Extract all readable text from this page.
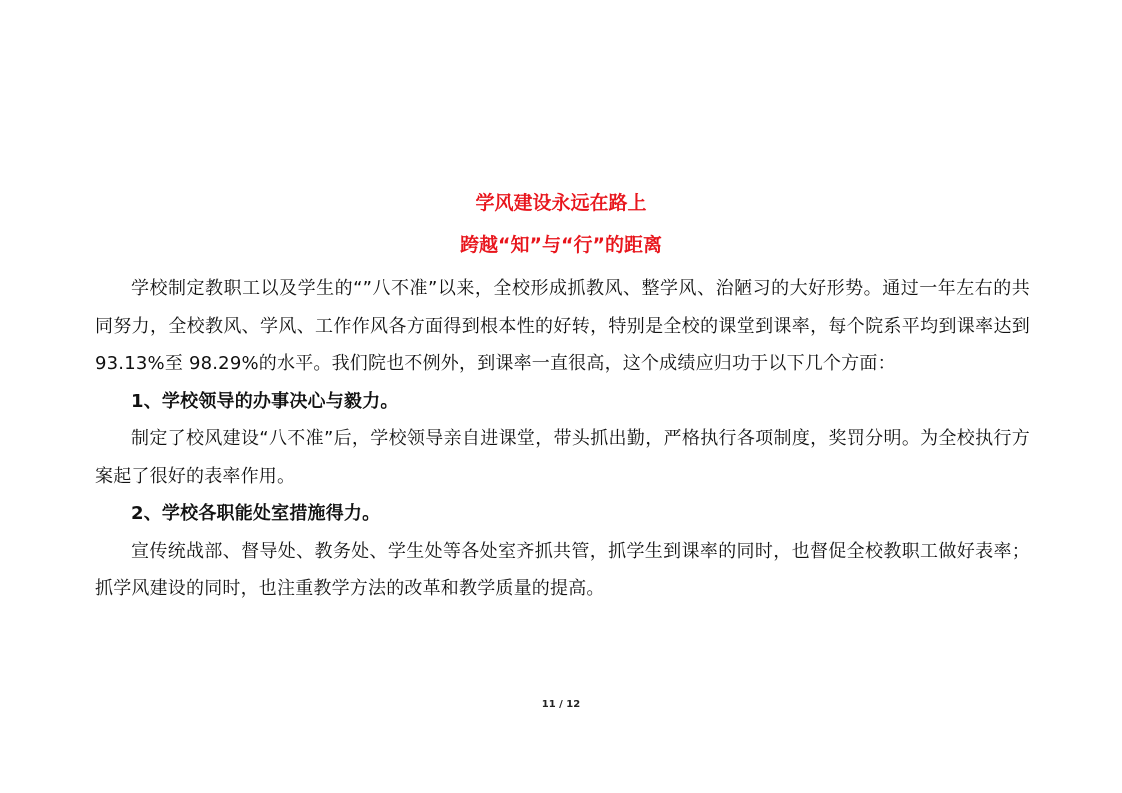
学风建设永远在路上
跨越“知”与“行”的距离

学校制定教职工以及学生的“”八不准”以来，全校形成抓教风、整学风、治陋习的大好形势。通过一年左右的共同努力，全校教风、学风、工作作风各方面得到根本性的好转，特别是全校的课堂到课率，每个院系平均到课率达到 93.13%至 98.29%的水平。我们院也不例外，到课率一直很高，这个成绩应归功于以下几个方面：

1、学校领导的办事决心与毅力。

制定了校风建设“八不准”后，学校领导亲自进课堂，带头抓出勤，严格执行各项制度，奖罚分明。为全校执行方案起了很好的表率作用。

2、学校各职能处室措施得力。

宣传统战部、督导处、教务处、学生处等各处室齐抓共管，抓学生到课率的同时，也督促全校教职工做好表率；抓学风建设的同时，也注重教学方法的改革和教学质量的提高。

11 / 12
